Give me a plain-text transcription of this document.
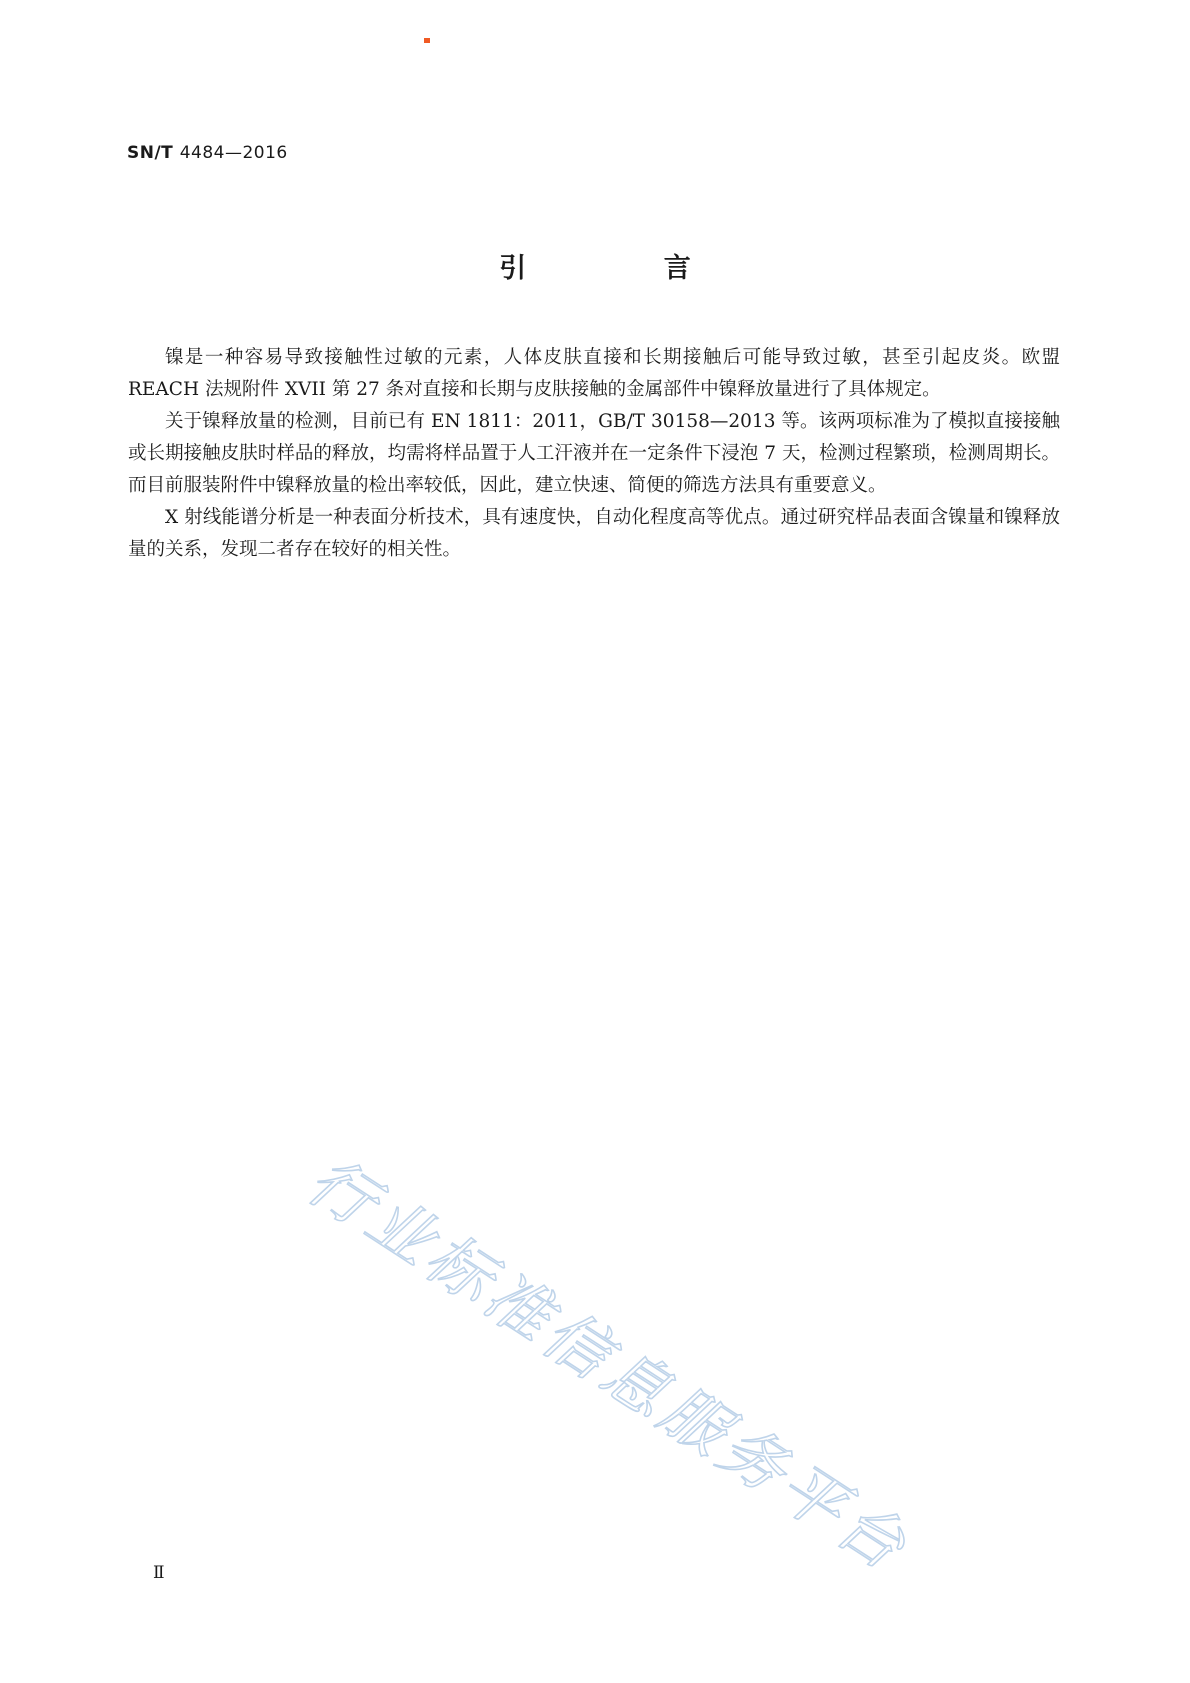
SN/T 4484—2016
引 言

镍是一种容易导致接触性过敏的元素，人体皮肤直接和长期接触后可能导致过敏，甚至引起皮炎。欧盟 REACH 法规附件 XVII 第 27 条对直接和长期与皮肤接触的金属部件中镍释放量进行了具体规定。

关于镍释放量的检测，目前已有 EN 1811：2011，GB/T 30158—2013 等。该两项标准为了模拟直接接触或长期接触皮肤时样品的释放，均需将样品置于人工汗液并在一定条件下浸泡 7 天，检测过程繁琐，检测周期长。而目前服装附件中镍释放量的检出率较低，因此，建立快速、简便的筛选方法具有重要意义。

X 射线能谱分析是一种表面分析技术，具有速度快，自动化程度高等优点。通过研究样品表面含镍量和镍释放量的关系，发现二者存在较好的相关性。

行业标准信息服务平台
Ⅱ
